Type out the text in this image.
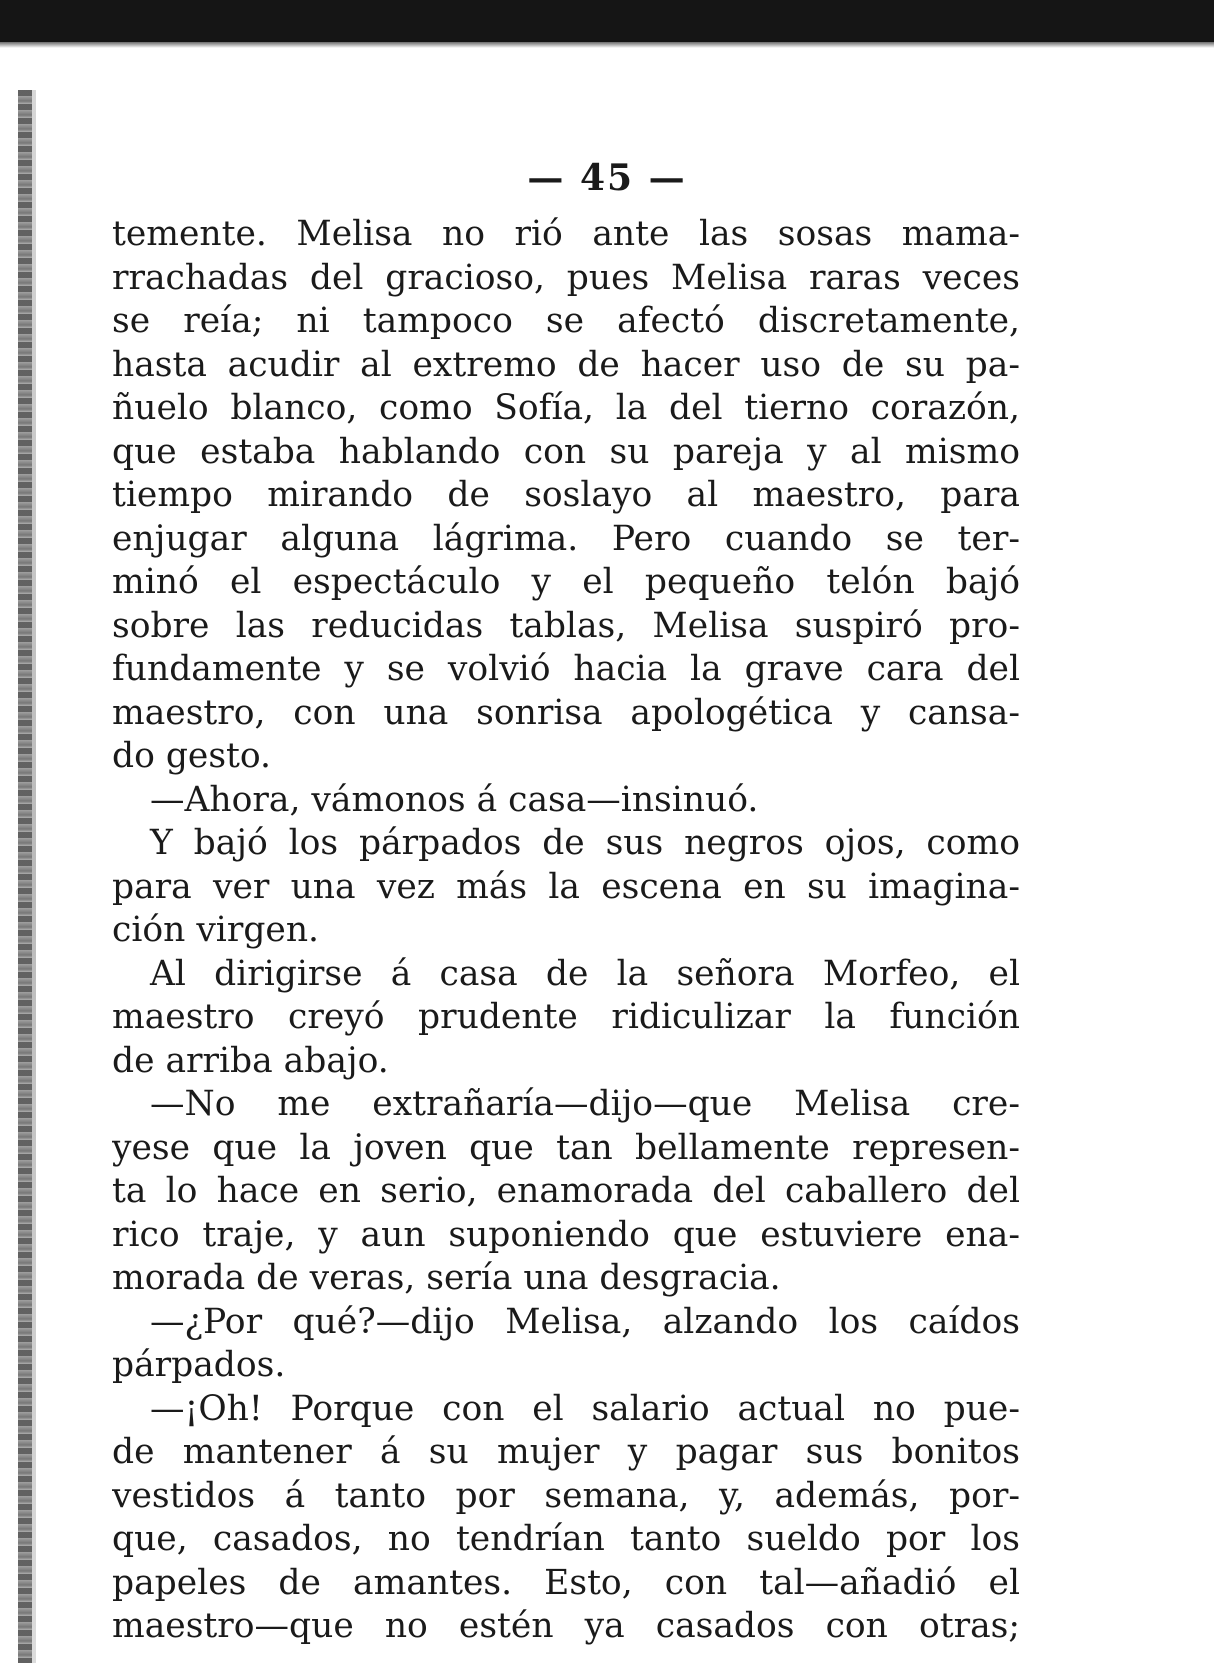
— 45 —
temente. Melisa no rió ante las sosas mama-
rrachadas del gracioso, pues Melisa raras veces
se reía; ni tampoco se afectó discretamente,
hasta acudir al extremo de hacer uso de su pa-
ñuelo blanco, como Sofía, la del tierno corazón,
que estaba hablando con su pareja y al mismo
tiempo mirando de soslayo al maestro, para
enjugar alguna lágrima. Pero cuando se ter-
minó el espectáculo y el pequeño telón bajó
sobre las reducidas tablas, Melisa suspiró pro-
fundamente y se volvió hacia la grave cara del
maestro, con una sonrisa apologética y cansa-
do gesto.
—Ahora, vámonos á casa—insinuó.
Y bajó los párpados de sus negros ojos, como
para ver una vez más la escena en su imagina-
ción virgen.
Al dirigirse á casa de la señora Morfeo, el
maestro creyó prudente ridiculizar la función
de arriba abajo.
—No me extrañaría—dijo—que Melisa cre-
yese que la joven que tan bellamente represen-
ta lo hace en serio, enamorada del caballero del
rico traje, y aun suponiendo que estuviere ena-
morada de veras, sería una desgracia.
—¿Por qué?—dijo Melisa, alzando los caídos
párpados.
—¡Oh! Porque con el salario actual no pue-
de mantener á su mujer y pagar sus bonitos
vestidos á tanto por semana, y, además, por-
que, casados, no tendrían tanto sueldo por los
papeles de amantes. Esto, con tal—añadió el
maestro—que no estén ya casados con otras;
